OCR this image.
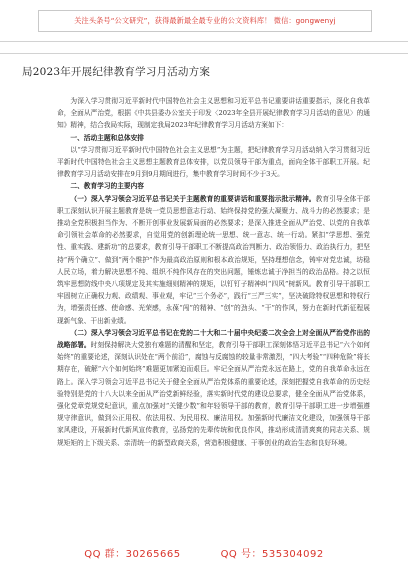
关注头条号“公文研究”，获得最新最全最专业的公文资料库！ 微信：gongwenyj
局2023年开展纪律教育学习月活动方案

为深入学习贯彻习近平新时代中国特色社会主义思想和习近平总书记重要讲话重要指示，深化自我革命，全面从严治党，根据《中共县委办公室关于印发〈2023年全县开展纪律教育学习月活动的意见〉的通知》精神，结合我局实际，现制定我局2023年纪律教育学习月活动方案如下：

一、活动主题和总体安排

以“学习贯彻习近平新时代中国特色社会主义思想”为主题，把纪律教育学习月活动纳入学习贯彻习近平新时代中国特色社会主义思想主题教育总体安排，以党员领导干部为重点，面向全体干部职工开展。纪律教育学习月活动安排在9月到9月期间进行，集中教育学习时间不少于3天。

二、教育学习的主要内容

（一）深入学习领会习近平总书记关于主题教育的重要讲话和重要指示批示精神。教育引导全体干部职工深刻认识开展主题教育是统一党员思想意志行动、始终保持党的强大凝聚力、战斗力的必然要求；是推动全党积极担当作为、不断开创事业发展新局面的必然要求；是深入推进全面从严治党、以党的自我革命引领社会革命的必然要求，自觉用党的创新理论统一思想、统一意志、统一行动。紧扣“学思想、强党性、重实践、建新功”的总要求，教育引导干部职工不断提高政治判断力、政治领悟力、政治执行力，把坚持“两个确立”、做到“两个维护”作为最高政治原则和根本政治规矩，坚持理想信念，铸牢对党忠诚，坊稳人民立场，着力解决思想不纯、组织不纯作风存在的突出问题，锤炼忠诚于净担当的政治品格。持之以恒筑牢思想防线中央八项规定及其实施细则精神的规矩，以钉钉子精神纠“四风”树新风。教育引导干部职工牢固树立正确权力观、政绩观、事业观，牢记“三个务必”，践行“三严三实”，坚决破除特权思想和特权行为，增强责任感、使命感、光荣感，永葆“闯”的精神、“创”的劲头、“干”的作风，努力在新时代新征程展现新气象、干出新业绩。

（二）深入学习领会习近平总书记在党的二十大和二十届中央纪委二次全会上对全面从严治党作出的战略部署。时刻保持解决大党独有难题的清醒和坚定，教育引导干部职工深刻体悟习近平总书记“六个如何始终”的重要论述，深刻认识处在“两个前沿”，腐蚀与反腐蚀的较量非常激烈，“四大考验”“四种危险”将长期存在，破解“六个如何始终”难题更加紧迫而艰巨。牢记全面从严治党永远在路上，党的自我革命永远在路上。深入学习领会习近平总书记关于健全全面从严治党体系的重要论述，深刻把握党自我革命的历史经验特别是党的十八大以来全面从严治党新鲜经验，落实新时代党的建设总要求，健全全面从严治党体系，强化党章党规党纪意识，重点加强对“关键少数”和年轻领导干部的教育，教育引导干部职工进一步增强遵规守律意识，做到公正用权、依法用权、为民用权、廉洁用权。加强新时代廉洁文化建设，加强领导干部家风建设，开展新时代新风宣传教育，弘扬党的先辈传统和优良作风，推动形成清清爽爽的同志关系、规规矩矩的上下级关系、亲清统一的新型政商关系，营造积极健康、干事创业的政治生态和良好环境。

QQ 群：30265665	QQ 号：535304092
